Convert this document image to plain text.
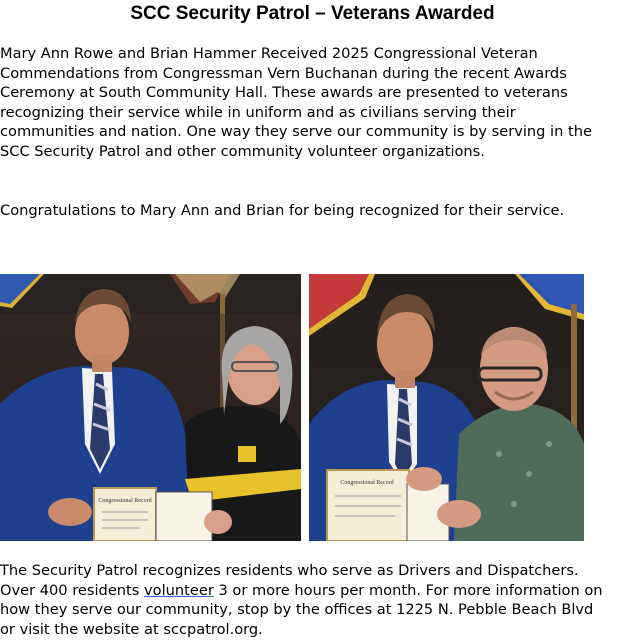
SCC Security Patrol – Veterans Awarded

Mary Ann Rowe and Brian Hammer Received 2025 Congressional Veteran Commendations from Congressman Vern Buchanan during the recent Awards Ceremony at South Community Hall. These awards are presented to veterans recognizing their service while in uniform and as civilians serving their communities and nation. One way they serve our community is by serving in the SCC Security Patrol and other community volunteer organizations.

Congratulations to Mary Ann and Brian for being recognized for their service.

Congressional Record
Congressional Record

The Security Patrol recognizes residents who serve as Drivers and Dispatchers. Over 400 residents volunteer 3 or more hours per month. For more information on how they serve our community, stop by the offices at 1225 N. Pebble Beach Blvd or visit the website at sccpatrol.org.
